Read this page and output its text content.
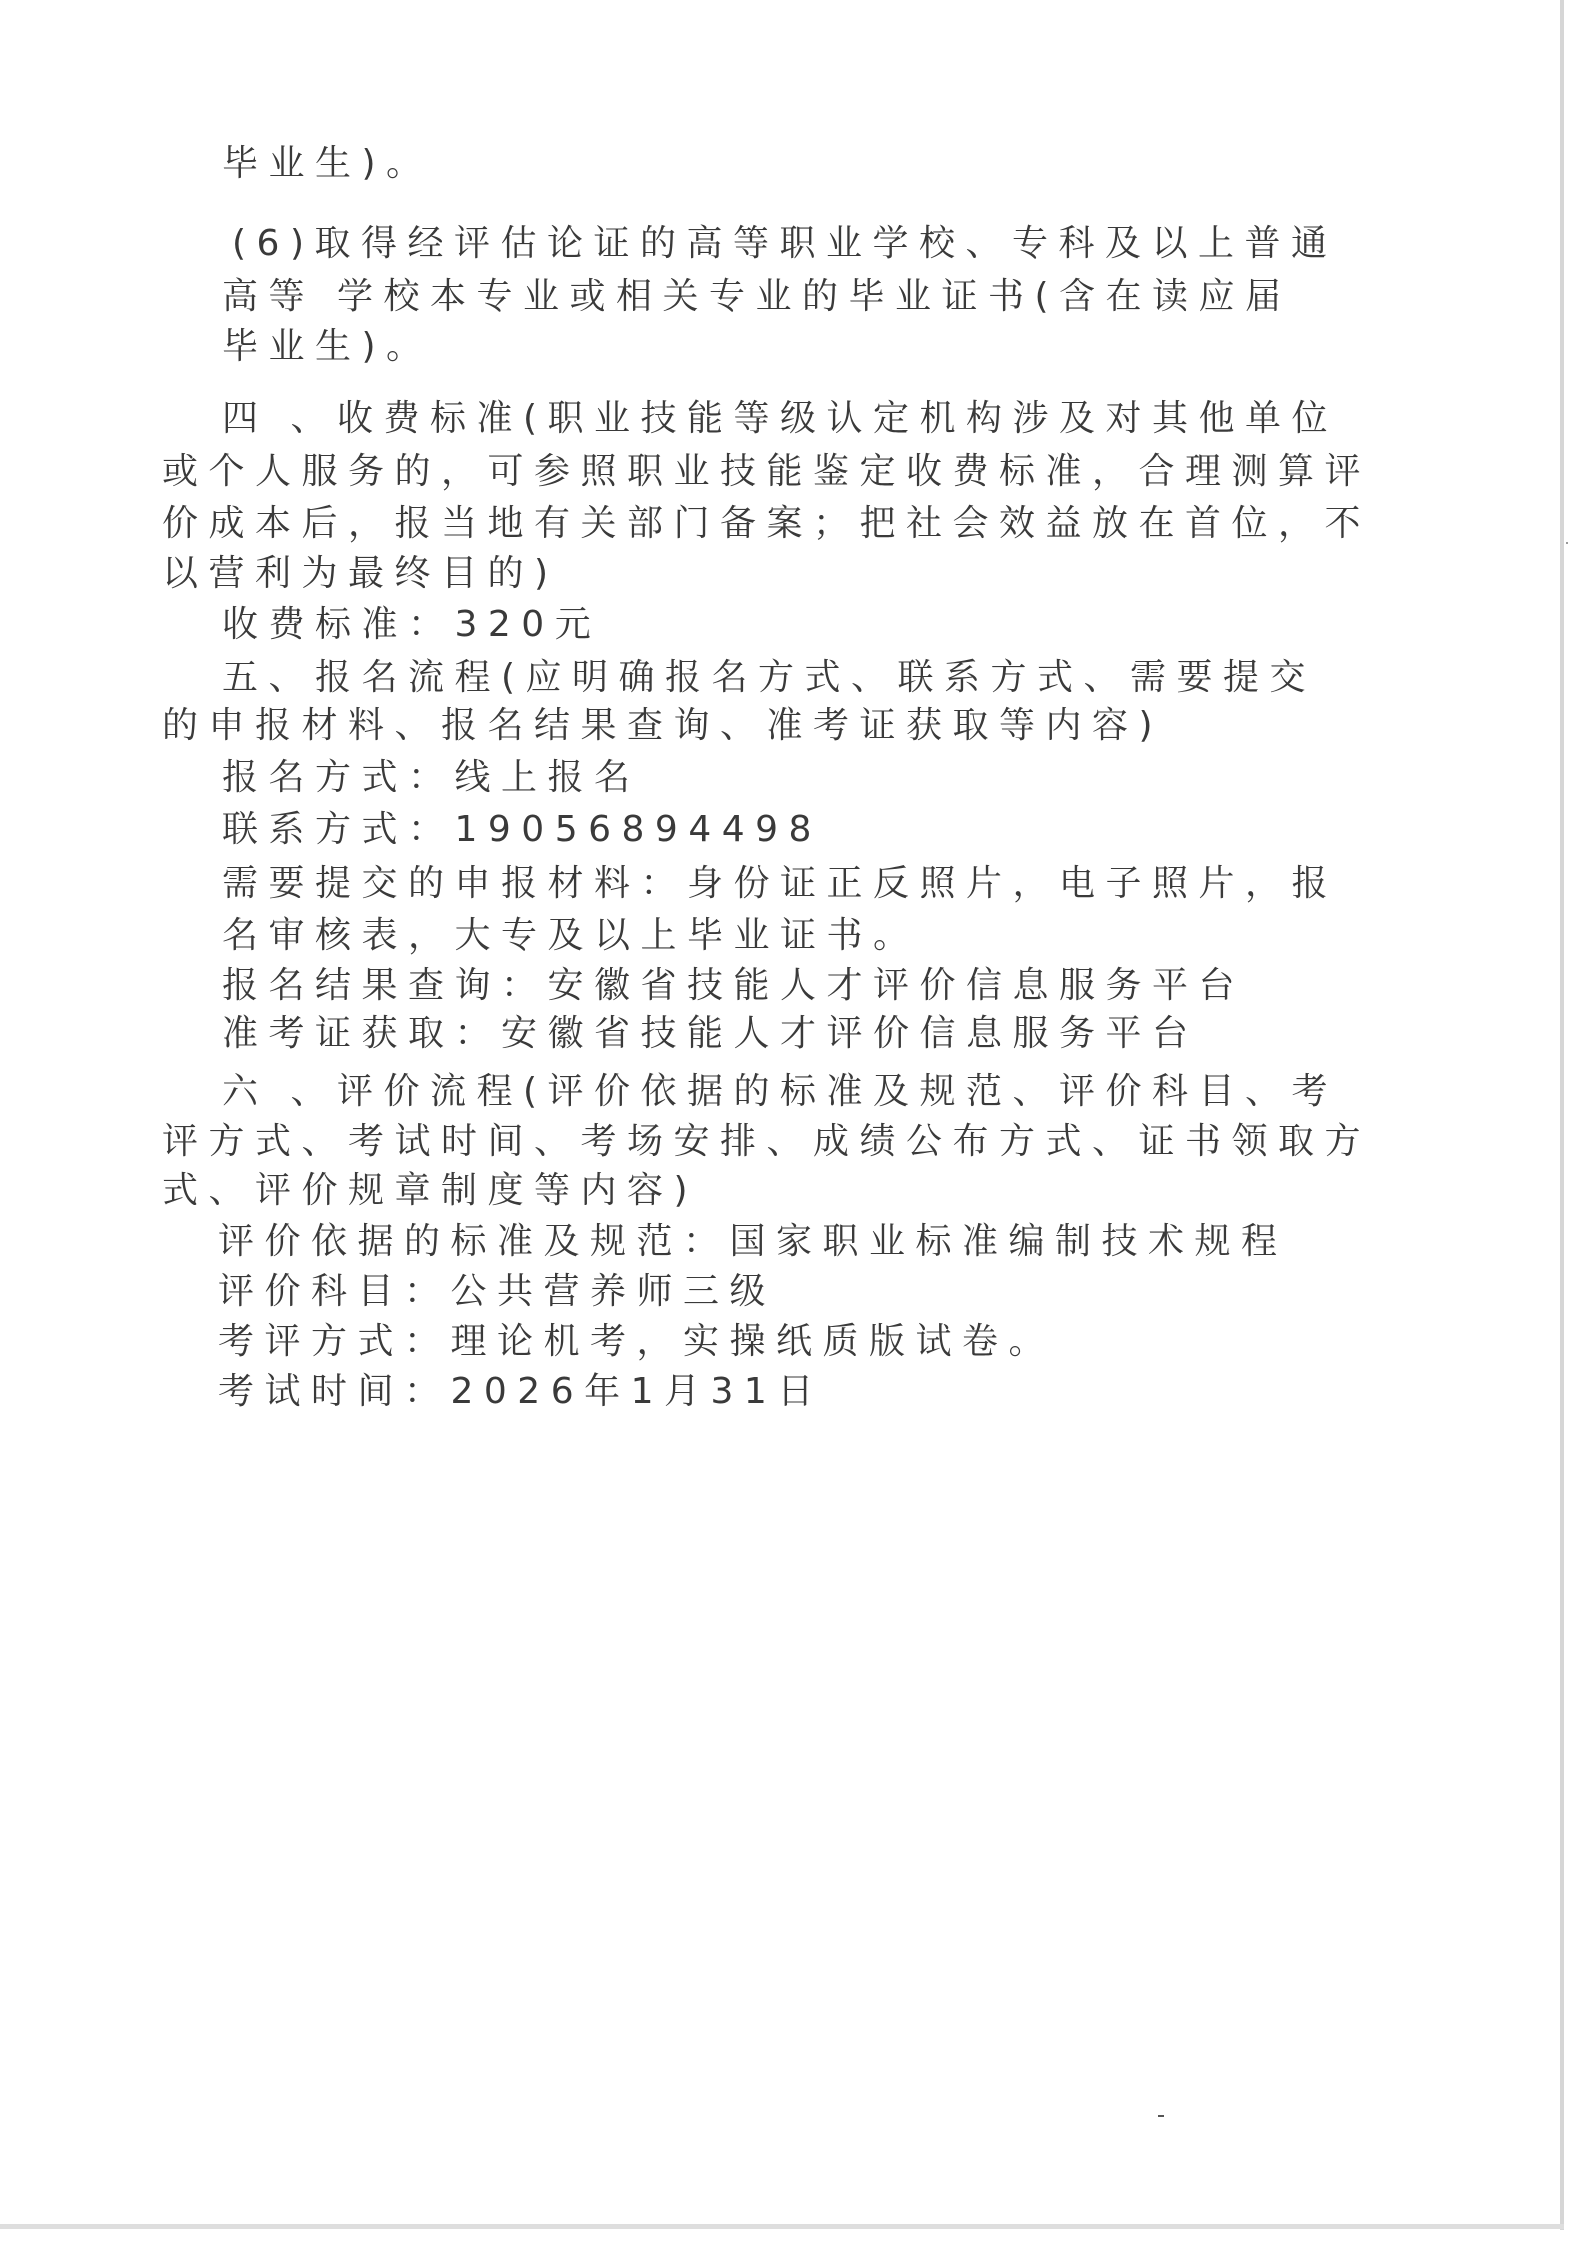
毕业生)。
(6)取得经评估论证的高等职业学校、专科及以上普通
高等 学校本专业或相关专业的毕业证书(含在读应届
毕业生)。
四 、收费标准(职业技能等级认定机构涉及对其他单位
或个人服务的，可参照职业技能鉴定收费标准，合理测算评
价成本后，报当地有关部门备案；把社会效益放在首位，不
以营利为最终目的)
收费标准：320元
五、报名流程(应明确报名方式、联系方式、需要提交
的申报材料、报名结果查询、准考证获取等内容)
报名方式：线上报名
联系方式：19056894498
需要提交的申报材料：身份证正反照片，电子照片，报
名审核表，大专及以上毕业证书。
报名结果查询：安徽省技能人才评价信息服务平台
准考证获取：安徽省技能人才评价信息服务平台
六 、评价流程(评价依据的标准及规范、评价科目、考
评方式、考试时间、考场安排、成绩公布方式、证书领取方
式、评价规章制度等内容)
评价依据的标准及规范：国家职业标准编制技术规程
评价科目：公共营养师三级
考评方式：理论机考，实操纸质版试卷。
考试时间：2026年1月31日
